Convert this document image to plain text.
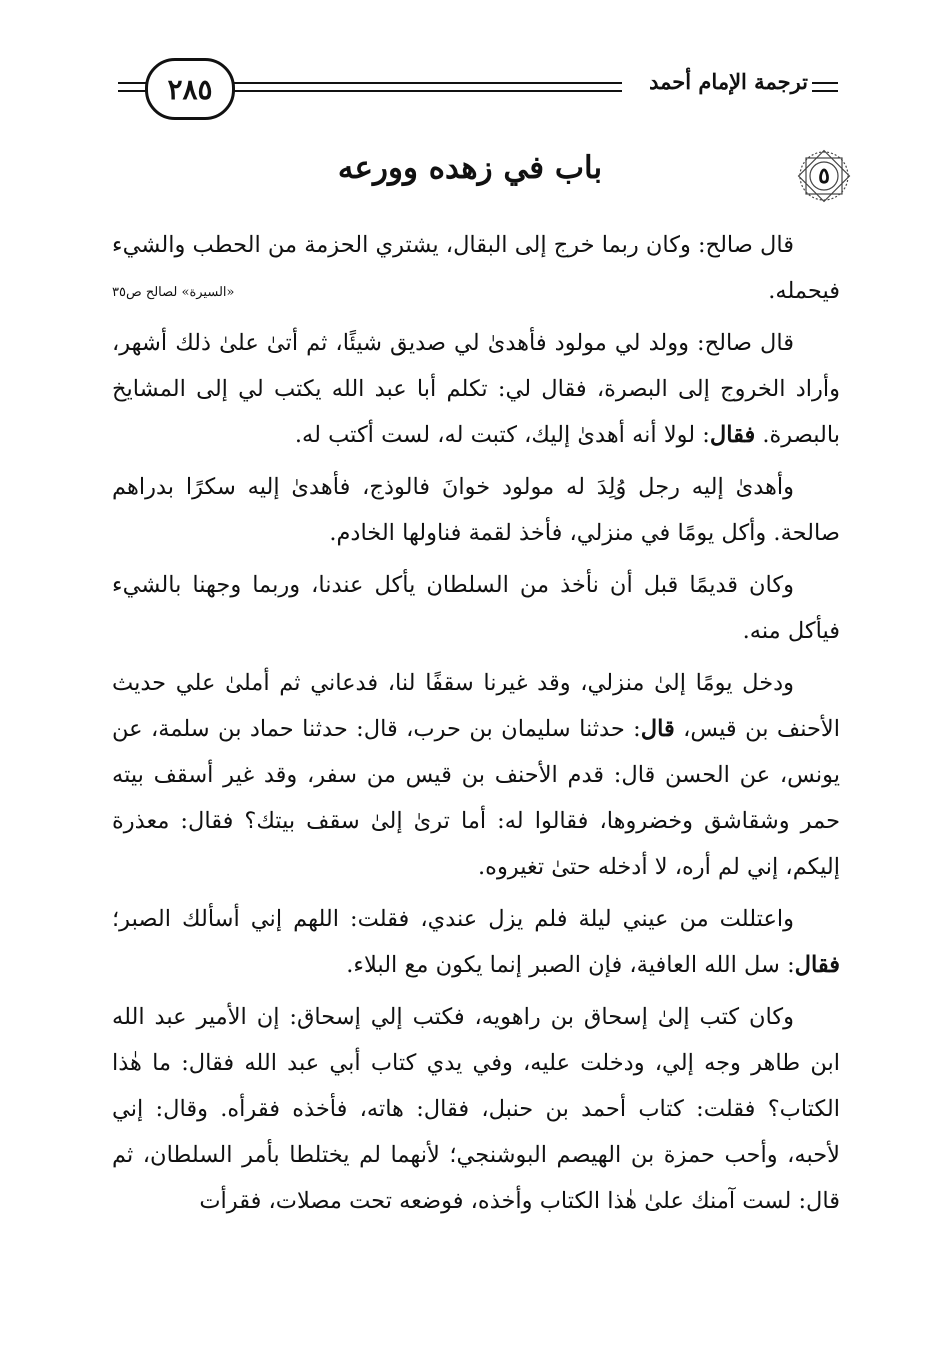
٢٨٥	ترجمة الإمام أحمد
٥
باب في زهده وورعه

قال صالح: وكان ربما خرج إلى البقال، يشتري الحزمة من الحطب والشيء فيحمله.
«السيرة» لصالح ص٣٥

قال صالح: وولد لي مولود فأهدىٰ لي صديق شيئًا، ثم أتىٰ علىٰ ذلك أشهر، وأراد الخروج إلى البصرة، فقال لي: تكلم أبا عبد الله يكتب لي إلى المشايخ بالبصرة. فقال: لولا أنه أهدىٰ إليك، كتبت له، لست أكتب له.

وأهدىٰ إليه رجل وُلِدَ له مولود خوانَ فالوذج، فأهدىٰ إليه سكرًا بدراهم صالحة. وأكل يومًا في منزلي، فأخذ لقمة فناولها الخادم.

وكان قديمًا قبل أن نأخذ من السلطان يأكل عندنا، وربما وجهنا بالشيء فيأكل منه.

ودخل يومًا إلىٰ منزلي، وقد غيرنا سقفًا لنا، فدعاني ثم أملىٰ علي حديث الأحنف بن قيس، قال: حدثنا سليمان بن حرب، قال: حدثنا حماد بن سلمة، عن يونس، عن الحسن قال: قدم الأحنف بن قيس من سفر، وقد غير أسقف بيته حمر وشقاشق وخضروها، فقالوا له: أما ترىٰ إلىٰ سقف بيتك؟ فقال: معذرة إليكم، إني لم أره، لا أدخله حتىٰ تغيروه.

واعتللت من عيني ليلة فلم يزل عندي، فقلت: اللهم إني أسألك الصبر؛ فقال: سل الله العافية، فإن الصبر إنما يكون مع البلاء.

وكان كتب إلىٰ إسحاق بن راهويه، فكتب إلي إسحاق: إن الأمير عبد الله ابن طاهر وجه إلي، ودخلت عليه، وفي يدي كتاب أبي عبد الله فقال: ما هٰذا الكتاب؟ فقلت: كتاب أحمد بن حنبل، فقال: هاته، فأخذه فقرأه. وقال: إني لأحبه، وأحب حمزة بن الهيصم البوشنجي؛ لأنهما لم يختلطا بأمر السلطان، ثم قال: لست آمنك علىٰ هٰذا الكتاب وأخذه، فوضعه تحت مصلات، فقرأت
